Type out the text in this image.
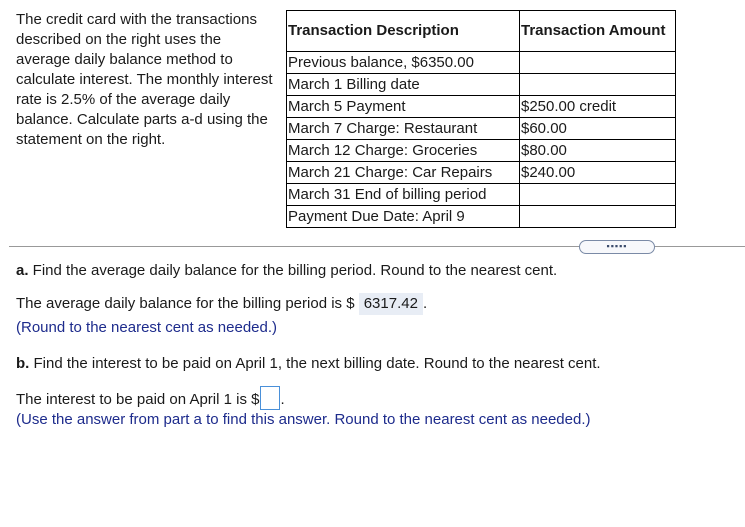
The credit card with the transactions described on the right uses the average daily balance method to calculate interest. The monthly interest rate is 2.5% of the average daily balance. Calculate parts a-d using the statement on the right.
Transaction Description	Transaction Amount
Previous balance, $6350.00	
March 1 Billing date	
March 5 Payment	$250.00 credit
March 7 Charge: Restaurant	$60.00
March 12 Charge: Groceries	$80.00
March 21 Charge: Car Repairs	$240.00
March 31 End of billing period	
Payment Due Date: April 9	
▪▪▪▪▪
a. Find the average daily balance for the billing period. Round to the nearest cent.
The average daily balance for the billing period is $ 6317.42 .
(Round to the nearest cent as needed.)
b. Find the interest to be paid on April 1, the next billing date. Round to the nearest cent.
The interest to be paid on April 1 is $ .
(Use the answer from part a to find this answer. Round to the nearest cent as needed.)
